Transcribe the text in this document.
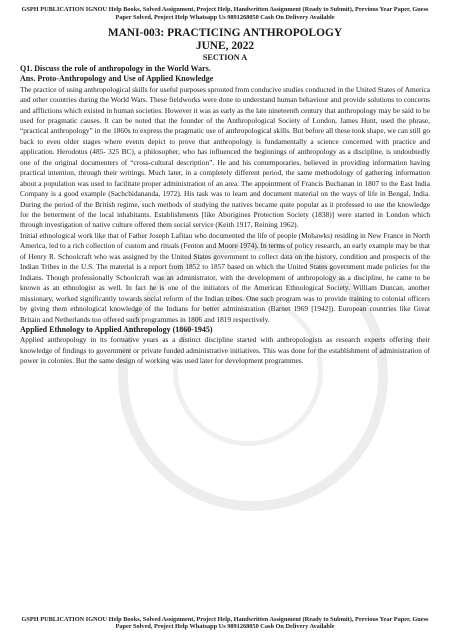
GSPH PUBLICATION IGNOU Help Books, Solved Assignment, Project Help, Handwritten Assignment (Ready to Submit), Previous Year Paper, Guess Paper Solved, Project Help Whatsapp Us 9891268050 Cash On Delivery Available
MANI-003: PRACTICING ANTHROPOLOGY
JUNE, 2022
SECTION A
Q1. Discuss the role of anthropology in the World Wars.
Ans. Proto-Anthropology and Use of Applied Knowledge

The practice of using anthropological skills for useful purposes sprouted from conducive studies conducted in the United States of America and other countries during the World Wars. These fieldworks were done to understand human behaviour and provide solutions to concerns and afflictions which existed in human societies. However it was as early as the late nineteenth century that anthropology may be said to be used for pragmatic causes. It can be noted that the founder of the Anthropological Society of London, James Hunt, used the phrase, “practical anthropology” in the 1860s to express the pragmatic use of anthropological skills. But before all these took shape, we can still go back to even older stages where events depict to prove that anthropology is fundamentally a science concerned with practice and application. Herodotus (485- 325 BC), a philosopher, who has influenced the beginnings of anthropology as a discipline, is undoubtedly one of the original documenters of “cross-cultural description”. He and his contemporaries, believed in providing information having practical intention, through their writings. Much later, in a completely different period, the same methodology of gathering information about a population was used to facilitate proper administration of an area. The appointment of Francis Buchanan in 1807 to the East India Company is a good example (Sachchidananda, 1972). His task was to learn and document material on the ways of life in Bengal, India. During the period of the British regime, such methods of studying the natives became quite popular as it professed to use the knowledge for the betterment of the local inhabitants. Establishments [like Aborigines Protection Society (1838)] were started in London which through investigation of native culture offered them social service (Keith 1917, Reining 1962).

Initial ethnological work like that of Father Joseph Lafitau who documented the life of people (Mohawks) residing in New France in North America, led to a rich collection of custom and rituals (Fenton and Moore 1974). In terms of policy research, an early example may be that of Henry R. Schoolcraft who was assigned by the United States government to collect data on the history, condition and prospects of the Indian Tribes in the U.S. The material is a report from 1852 to 1857 based on which the United States government made policies for the Indians. Though professionally Schoolcraft was an administrator, with the development of anthropology as a discipline, he came to be known as an ethnologist as well. In fact he is one of the initiators of the American Ethnological Society. William Duncan, another missionary, worked significantly towards social reform of the Indian tribes. One such program was to provide training to colonial officers by giving them ethnological knowledge of the Indians for better administration (Barnet 1969 [1942]). European countries like Great Britain and Netherlands too offered such programmes in 1806 and 1819 respectively.

Applied Ethnology to Applied Anthropology (1860-1945)

Applied anthropology in its formative years as a distinct discipline started with anthropologists as research experts offering their knowledge of findings to government or private funded administrative initiatives. This was done for the establishment of administration of power in colonies. But the same design of working was used later for development programmes.

GSPH PUBLICATION IGNOU Help Books, Solved Assignment, Project Help, Handwritten Assignment (Ready to Submit), Previous Year Paper, Guess Paper Solved, Project Help Whatsapp Us 9891268050 Cash On Delivery Available
